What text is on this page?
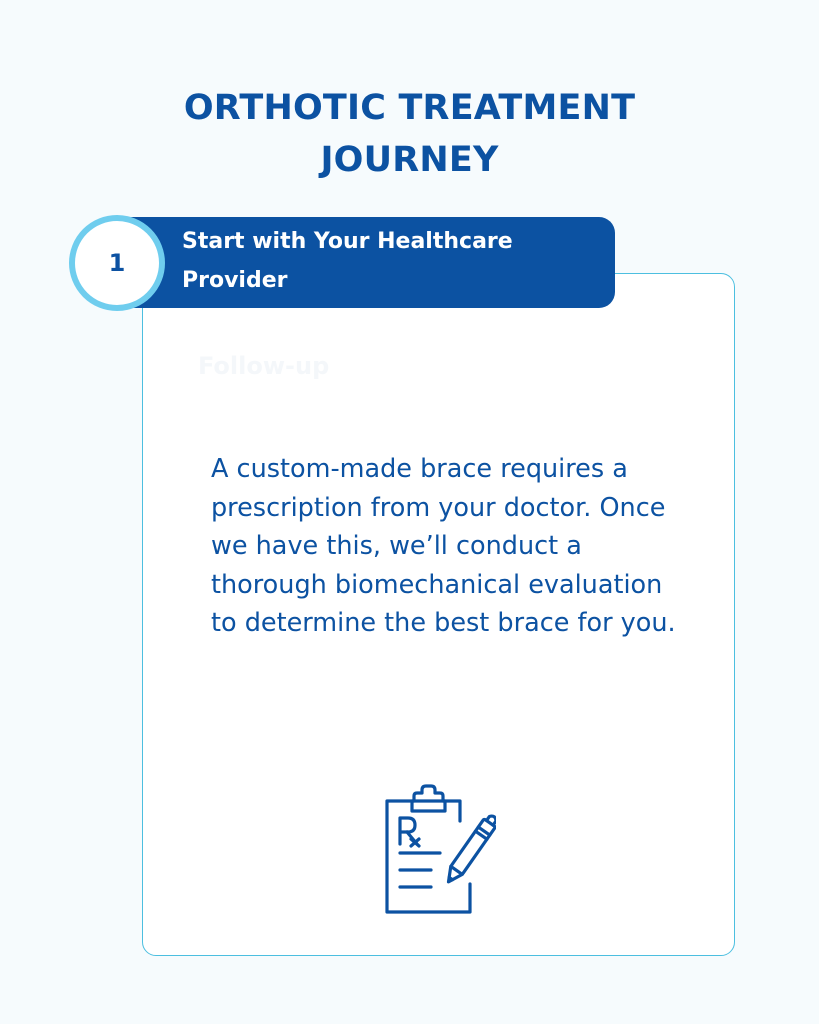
ORTHOTIC TREATMENT
JOURNEY
Start with Your Healthcare
Provider
1
Follow-up
A custom-made brace requires a prescription from your doctor. Once we have this, we’ll conduct a thorough biomechanical evaluation to determine the best brace for you.
